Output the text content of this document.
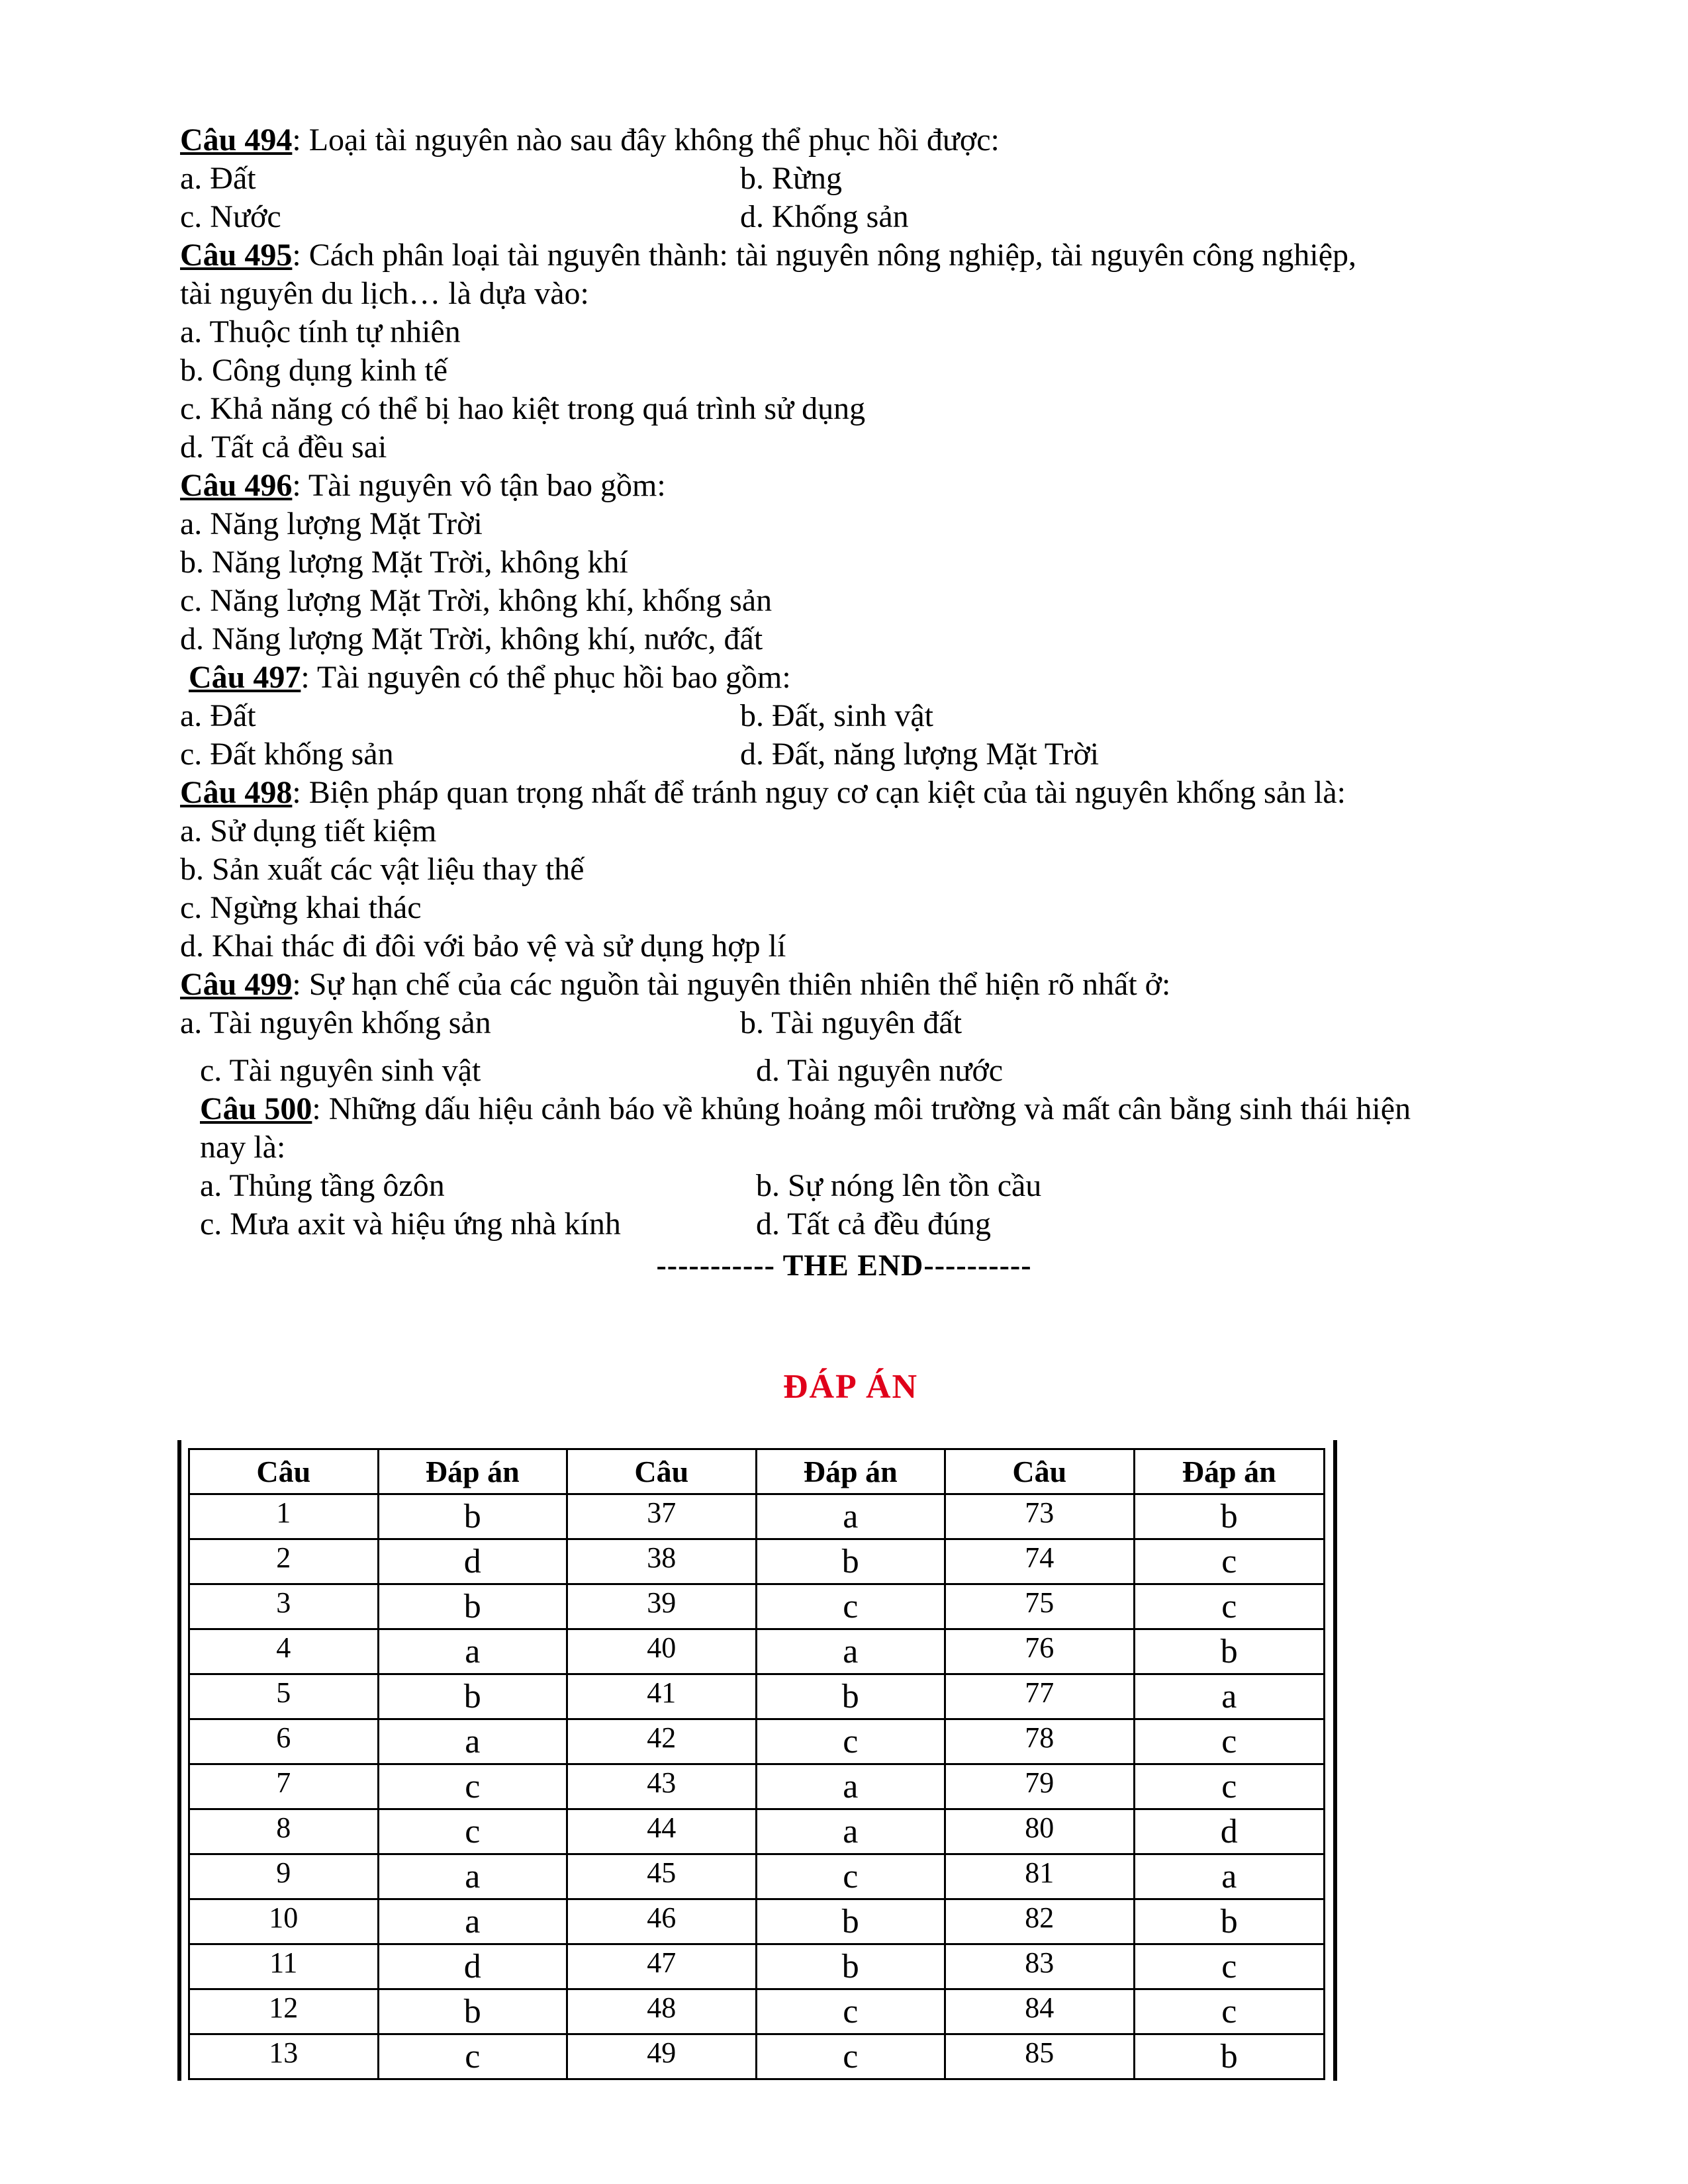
Câu 494: Loại tài nguyên nào sau đây không thể phục hồi được:
a. Đất	b. Rừng
c. Nước	d. Khống sản
Câu 495: Cách phân loại tài nguyên thành: tài nguyên nông nghiệp, tài nguyên công nghiệp,
tài nguyên du lịch… là dựa vào:
a. Thuộc tính tự nhiên
b. Công dụng kinh tế
c. Khả năng có thể bị hao kiệt trong quá trình sử dụng
d. Tất cả đều sai
Câu 496: Tài nguyên vô tận bao gồm:
a. Năng lượng Mặt Trời
b. Năng lượng Mặt Trời, không khí
c. Năng lượng Mặt Trời, không khí, khống sản
d. Năng lượng Mặt Trời, không khí, nước, đất
Câu 497: Tài nguyên có thể phục hồi bao gồm:
a. Đất	b. Đất, sinh vật
c. Đất khống sản	d. Đất, năng lượng Mặt Trời
Câu 498: Biện pháp quan trọng nhất để tránh nguy cơ cạn kiệt của tài nguyên khống sản là:
a. Sử dụng tiết kiệm
b. Sản xuất các vật liệu thay thế
c. Ngừng khai thác
d. Khai thác đi đôi với bảo vệ và sử dụng hợp lí
Câu 499: Sự hạn chế của các nguồn tài nguyên thiên nhiên thể hiện rõ nhất ở:
a. Tài nguyên khống sản	b. Tài nguyên đất
c. Tài nguyên sinh vật	d. Tài nguyên nước
Câu 500: Những dấu hiệu cảnh báo về khủng hoảng môi trường và mất cân bằng sinh thái hiện
nay là:
a. Thủng tầng ôzôn	b. Sự nóng lên tồn cầu
c. Mưa axit và hiệu ứng nhà kính	d. Tất cả đều đúng
----------- THE END----------
ĐÁP ÁN
Câu	Đáp án	Câu	Đáp án	Câu	Đáp án
1	b	37	a	73	b
2	d	38	b	74	c
3	b	39	c	75	c
4	a	40	a	76	b
5	b	41	b	77	a
6	a	42	c	78	c
7	c	43	a	79	c
8	c	44	a	80	d
9	a	45	c	81	a
10	a	46	b	82	b
11	d	47	b	83	c
12	b	48	c	84	c
13	c	49	c	85	b
